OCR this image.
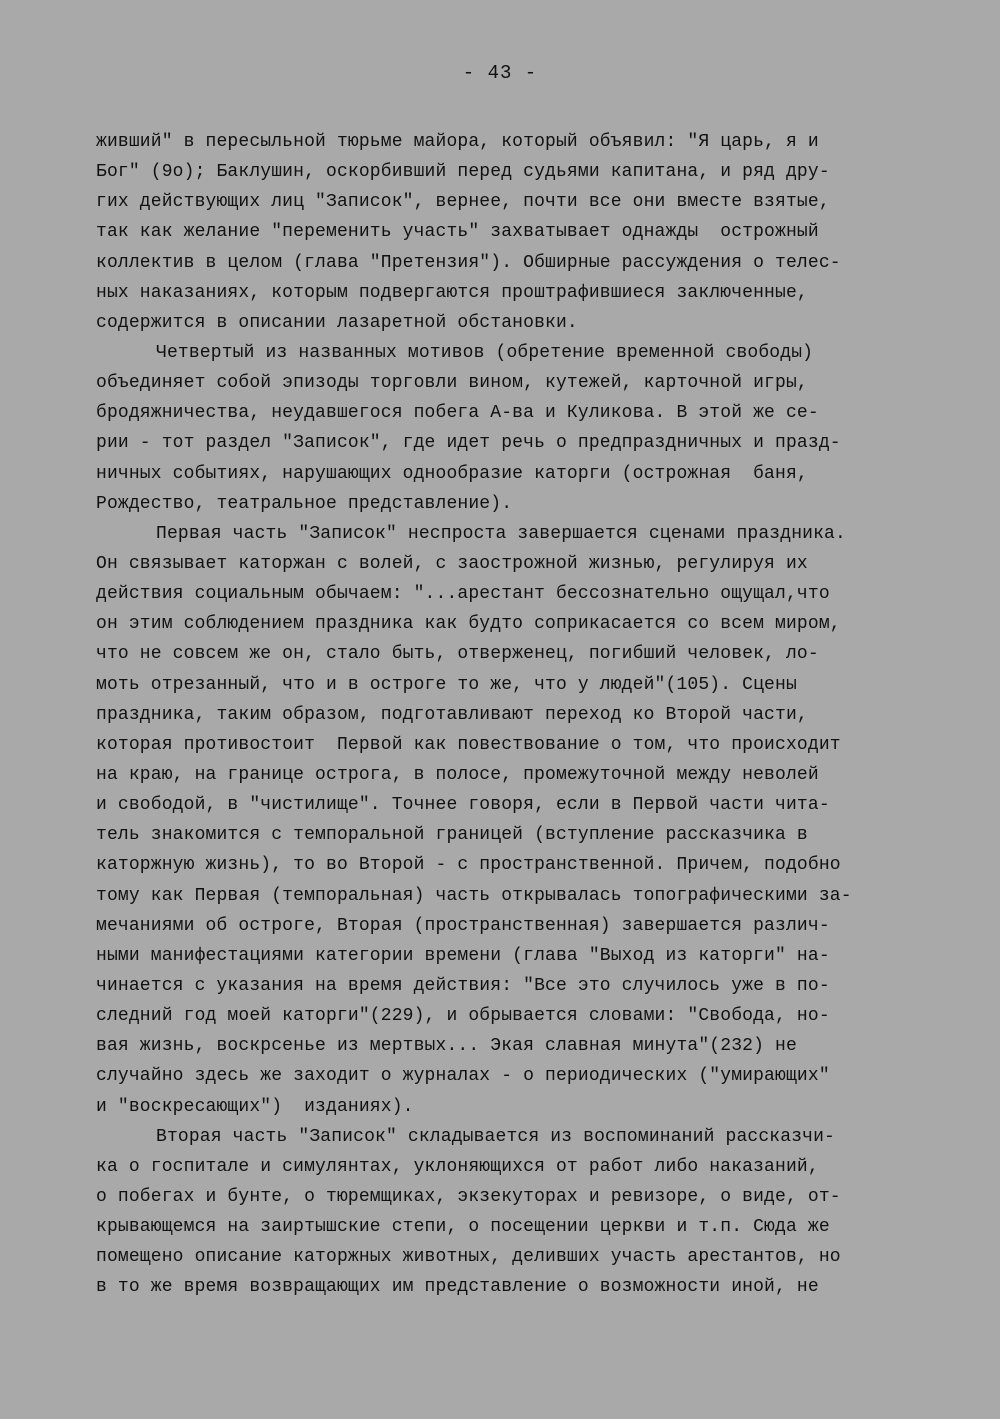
- 43 -
живший" в пересыльной тюрьме майора, который объявил: "Я царь, я и
Бог" (9о); Баклушин, оскорбивший перед судьями капитана, и ряд дру-
гих действующих лиц "Записок", вернее, почти все они вместе взятые,
так как желание "переменить участь" захватывает однажды  острожный
коллектив в целом (глава "Претензия"). Обширные рассуждения о телес-
ных наказаниях, которым подвергаются проштрафившиеся заключенные,
содержится в описании лазаретной обстановки.
Четвертый из названных мотивов (обретение временной свободы)
объединяет собой эпизоды торговли вином, кутежей, карточной игры,
бродяжничества, неудавшегося побега А-ва и Куликова. В этой же се-
рии - тот раздел "Записок", где идет речь о предпраздничных и празд-
ничных событиях, нарушающих однообразие каторги (острожная  баня,
Рождество, театральное представление).
Первая часть "Записок" неспроста завершается сценами праздника.
Он связывает каторжан с волей, с заострожной жизнью, регулируя их
действия социальным обычаем: "...арестант бессознательно ощущал,что
он этим соблюдением праздника как будто соприкасается со всем миром,
что не совсем же он, стало быть, отверженец, погибший человек, ло-
моть отрезанный, что и в остроге то же, что у людей"(105). Сцены
праздника, таким образом, подготавливают переход ко Второй части,
которая противостоит  Первой как повествование о том, что происходит
на краю, на границе острога, в полосе, промежуточной между неволей
и свободой, в "чистилище". Точнее говоря, если в Первой части чита-
тель знакомится с темпоральной границей (вступление рассказчика в
каторжную жизнь), то во Второй - с пространственной. Причем, подобно
тому как Первая (темпоральная) часть открывалась топографическими за-
мечаниями об остроге, Вторая (пространственная) завершается различ-
ными манифестациями категории времени (глава "Выход из каторги" на-
чинается с указания на время действия: "Все это случилось уже в по-
следний год моей каторги"(229), и обрывается словами: "Свобода, но-
вая жизнь, воскрсенье из мертвых... Экая славная минута"(232) не
случайно здесь же заходит о журналах - о периодических ("умирающих"
и "воскресающих")  изданиях).
Вторая часть "Записок" складывается из воспоминаний рассказчи-
ка о госпитале и симулянтах, уклоняющихся от работ либо наказаний,
о побегах и бунте, о тюремщиках, экзекуторах и ревизоре, о виде, от-
крывающемся на заиртышские степи, о посещении церкви и т.п. Сюда же
помещено описание каторжных животных, деливших участь арестантов, но
в то же время возвращающих им представление о возможности иной, не
